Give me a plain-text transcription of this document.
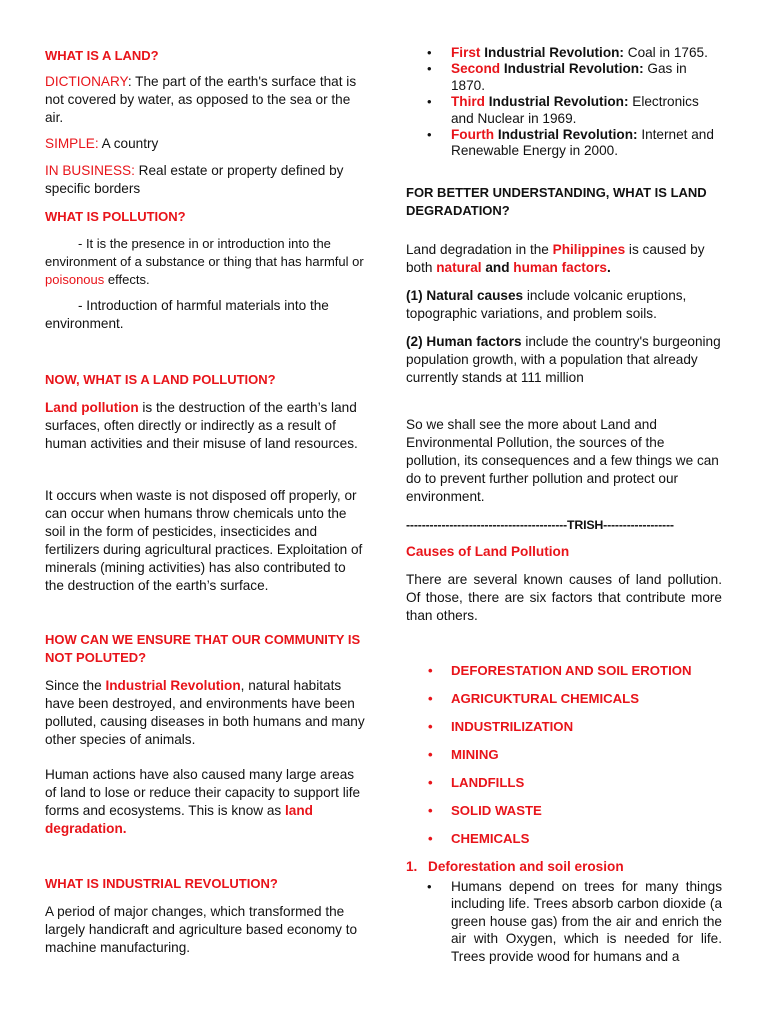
WHAT IS A LAND?

DICTIONARY: The part of the earth's surface that is not covered by water, as opposed to the sea or the air.

SIMPLE: A country

IN BUSINESS: Real estate or property defined by specific borders

WHAT IS POLLUTION?

- It is the presence in or introduction into the environment of a substance or thing that has harmful or poisonous effects.

- Introduction of harmful materials into the environment.

NOW, WHAT IS A LAND POLLUTION?

Land pollution is the destruction of the earth’s land surfaces, often directly or indirectly as a result of human activities and their misuse of land resources.

It occurs when waste is not disposed off properly, or can occur when humans throw chemicals unto the soil in the form of pesticides, insecticides and fertilizers during agricultural practices. Exploitation of minerals (mining activities) has also contributed to the destruction of the earth’s surface.

HOW CAN WE ENSURE THAT OUR COMMUNITY IS NOT POLUTED?

Since the Industrial Revolution, natural habitats have been destroyed, and environments have been polluted, causing diseases in both humans and many other species of animals.

Human actions have also caused many large areas of land to lose or reduce their capacity to support life forms and ecosystems. This is know as land degradation.

WHAT IS INDUSTRIAL REVOLUTION?

A period of major changes, which transformed the largely handicraft and agriculture based economy to machine manufacturing.

• First Industrial Revolution: Coal in 1765.
• Second Industrial Revolution: Gas in 1870.
• Third Industrial Revolution: Electronics and Nuclear in 1969.
• Fourth Industrial Revolution: Internet and Renewable Energy in 2000.

FOR BETTER UNDERSTANDING, WHAT IS LAND DEGRADATION?

Land degradation in the Philippines is caused by both natural and human factors.

(1) Natural causes include volcanic eruptions, topographic variations, and problem soils.

(2) Human factors include the country's burgeoning population growth, with a population that already currently stands at 111 million

So we shall see the more about Land and Environmental Pollution, the sources of the pollution, its consequences and a few things we can do to prevent further pollution and protect our environment.

-----------------------------------------TRISH------------------

Causes of Land Pollution

There are several known causes of land pollution. Of those, there are six factors that contribute more than others.

• DEFORESTATION AND SOIL EROTION
• AGRICUKTURAL CHEMICALS
• INDUSTRILIZATION
• MINING
• LANDFILLS
• SOLID WASTE
• CHEMICALS

1. Deforestation and soil erosion

• Humans depend on trees for many things including life. Trees absorb carbon dioxide (a green house gas) from the air and enrich the air with Oxygen, which is needed for life. Trees provide wood for humans and a
